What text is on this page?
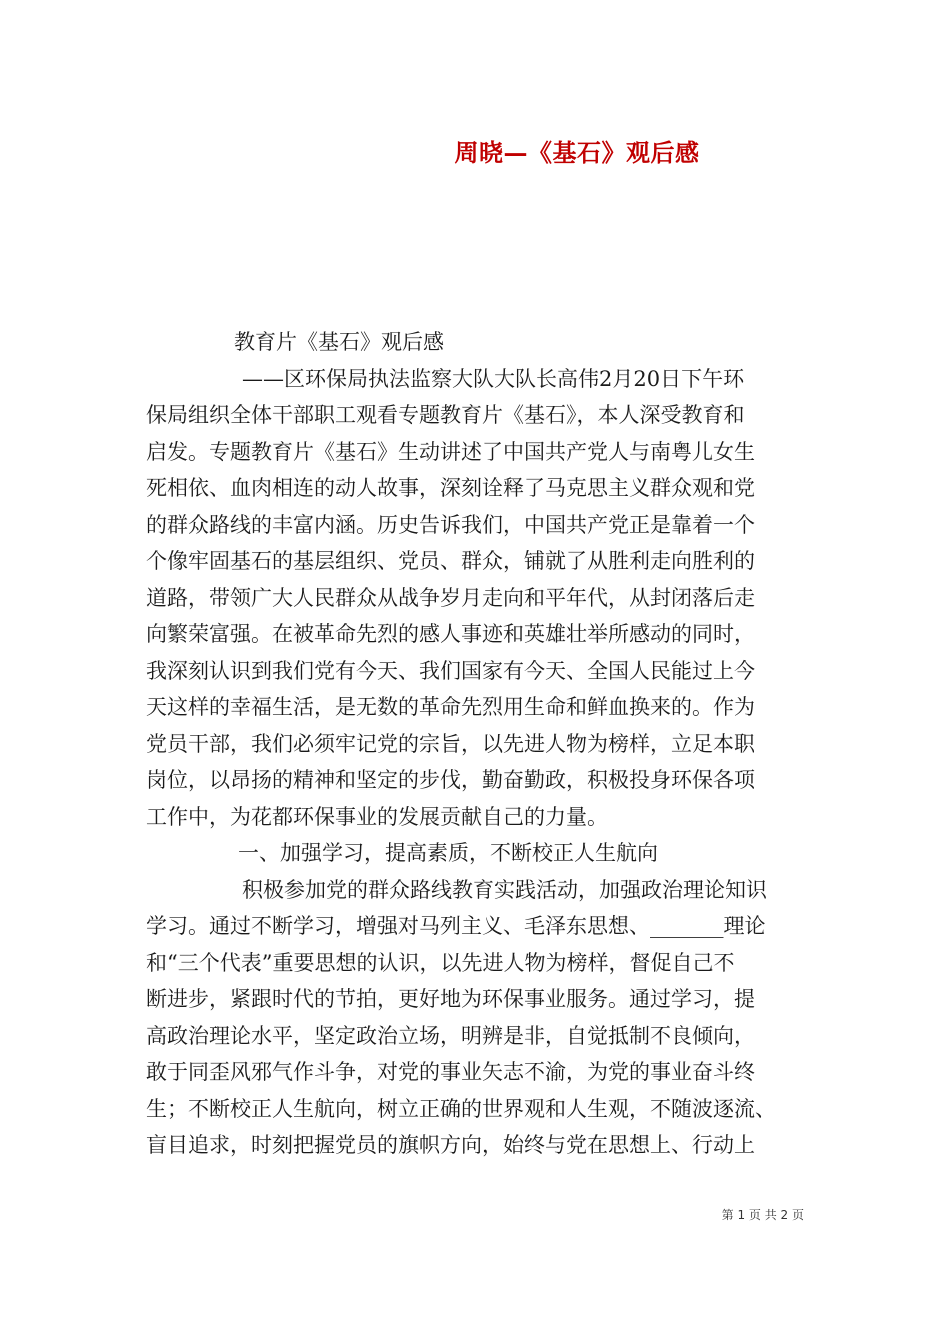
周晓—《基石》观后感
教育片《基石》观后感
——区环保局执法监察大队大队长高伟2月20日下午环
保局组织全体干部职工观看专题教育片《基石》，本人深受教育和
启发。专题教育片《基石》生动讲述了中国共产党人与南粤儿女生
死相依、血肉相连的动人故事，深刻诠释了马克思主义群众观和党
的群众路线的丰富内涵。历史告诉我们，中国共产党正是靠着一个
个像牢固基石的基层组织、党员、群众，铺就了从胜利走向胜利的
道路，带领广大人民群众从战争岁月走向和平年代，从封闭落后走
向繁荣富强。在被革命先烈的感人事迹和英雄壮举所感动的同时，
我深刻认识到我们党有今天、我们国家有今天、全国人民能过上今
天这样的幸福生活，是无数的革命先烈用生命和鲜血换来的。作为
党员干部，我们必须牢记党的宗旨，以先进人物为榜样，立足本职
岗位，以昂扬的精神和坚定的步伐，勤奋勤政，积极投身环保各项
工作中，为花都环保事业的发展贡献自己的力量。
一、加强学习，提高素质，不断校正人生航向
积极参加党的群众路线教育实践活动，加强政治理论知识
学习。通过不断学习，增强对马列主义、毛泽东思想、_______理论
和“三个代表”重要思想的认识，以先进人物为榜样，督促自己不
断进步，紧跟时代的节拍，更好地为环保事业服务。通过学习，提
高政治理论水平，坚定政治立场，明辨是非，自觉抵制不良倾向，
敢于同歪风邪气作斗争，对党的事业矢志不渝，为党的事业奋斗终
生；不断校正人生航向，树立正确的世界观和人生观，不随波逐流、
盲目追求，时刻把握党员的旗帜方向，始终与党在思想上、行动上
第 1 页 共 2 页
